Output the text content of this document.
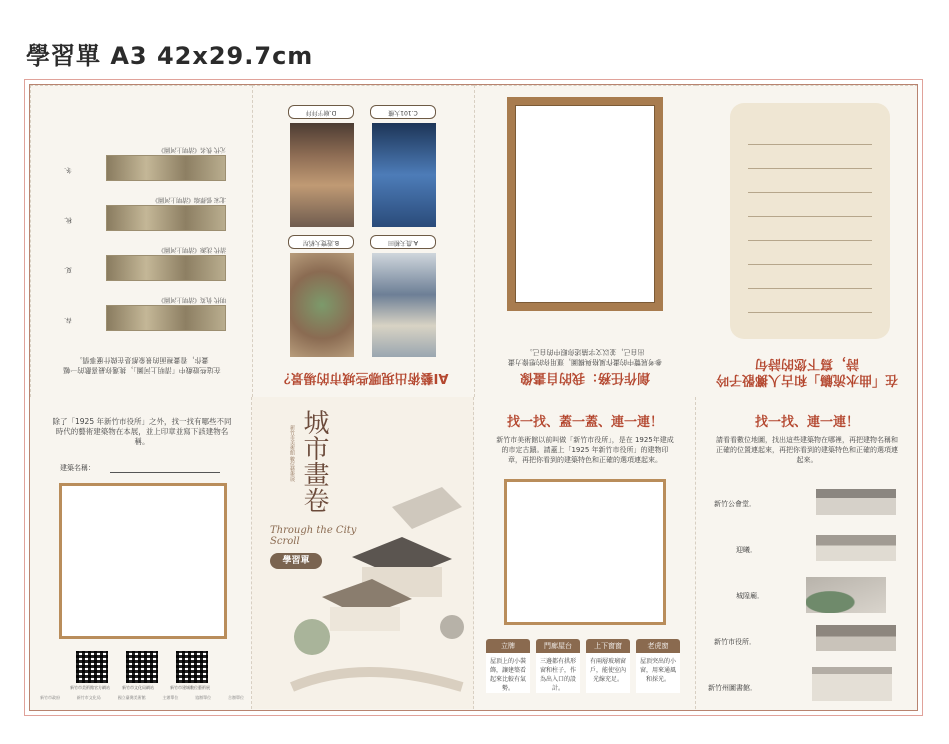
學習單 A3 42x29.7cm
在這些遊戲中「清明上河圖」，挑選你最喜歡的一幅畫作，看畫裡面的景象都是在做什麼事情。
明代 仇英《清明上河圖》
清代 沈源《清明上河圖》
北宋 張擇端《清明上河圖》
元代 佚名《清明上河圖》
春．
夏．
秋．
冬．
AI藝術出現哪些城市的場景？
A.農夫種田
B.遊覽大稻埕
C.101大樓
D.廟宇拜拜
創作任務：我的自畫像
參考展覽中的畫作風格與構圖，運用你的想像力畫出自己，並以文字描述你眼中的自己。
在「曲水流觴」和古人擲骰子吟詩，寫下您的詩句
除了「1925 年新竹市役所」之外，找一找有哪些不同時代的藝術建築物在本展，並上印章並寫下該建物名稱。
建築名稱：
新竹市美術館官方網站	新竹市文化局網站	新竹市建城數位藝術展
新竹市政府	新竹市文化局	國立臺灣美術館	主辦單位	協辦單位	合辦單位
城市畫卷
新竹市美術館 數位藝術展
Through the City Scroll
學習單
找一找、蓋一蓋、連一連！
新竹市美術館以前叫做「新竹市役所」，是在 1925年建成的市定古蹟。請蓋上「1925 年新竹市役所」的建物印章，再把你看到的建築特色和正確的選項連起來。
立牌
屋頂上的小裝飾，讓建築看起來比較有氣勢。
門廊屋台
三邊都有拱形窗和柱子，作為出入口的設計。
上下窗窗
有兩層玻璃窗戶，能使室內光線充足。
老虎窗
屋頂突出的小窗，用來通風和採光。
找一找、連一連！
請看看數位地圖，找出這些建築物在哪裡，再把建物名稱和正確的位置連起來，再把你看到的建築特色和正確的選項連起來。
新竹公會堂．
迎曦．
城隍廟．
新竹市役所．
新竹州圖書館．
